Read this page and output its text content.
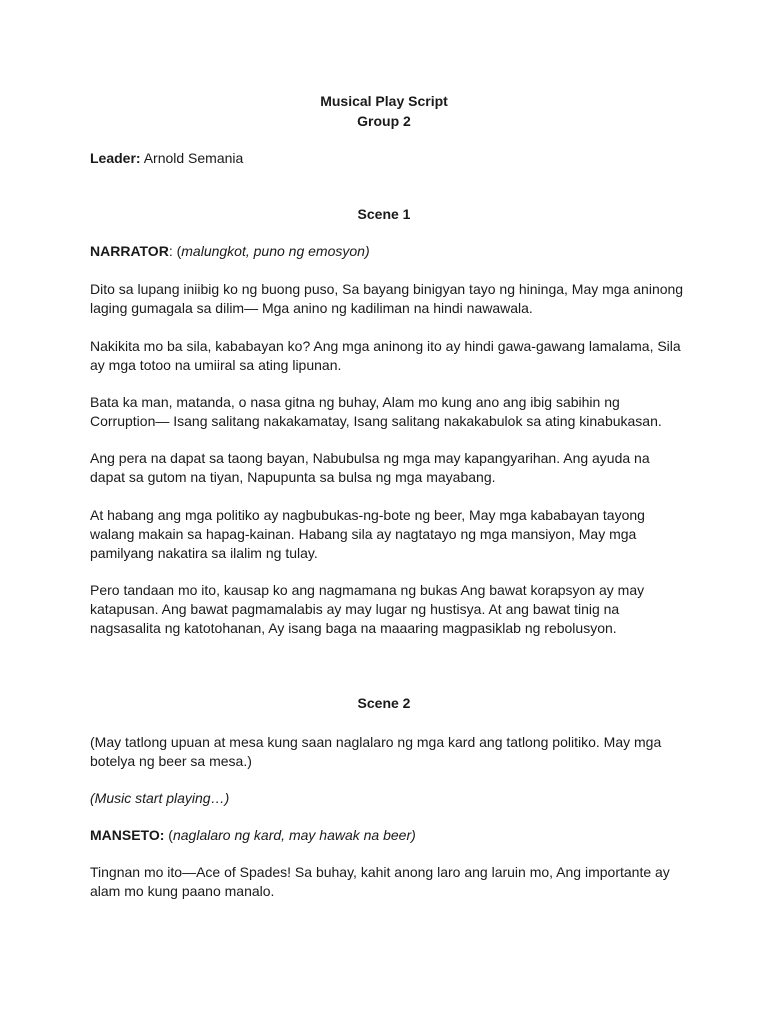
Musical Play Script

Group 2

Leader: Arnold Semania

Scene 1

NARRATOR: (malungkot, puno ng emosyon)

Dito sa lupang iniibig ko ng buong puso, Sa bayang binigyan tayo ng hininga, May mga aninong laging gumagala sa dilim— Mga anino ng kadiliman na hindi nawawala.

Nakikita mo ba sila, kababayan ko? Ang mga aninong ito ay hindi gawa-gawang lamalama, Sila ay mga totoo na umiiral sa ating lipunan.

Bata ka man, matanda, o nasa gitna ng buhay, Alam mo kung ano ang ibig sabihin ng Corruption— Isang salitang nakakamatay, Isang salitang nakakabulok sa ating kinabukasan.

Ang pera na dapat sa taong bayan, Nabubulsa ng mga may kapangyarihan. Ang ayuda na dapat sa gutom na tiyan, Napupunta sa bulsa ng mga mayabang.

At habang ang mga politiko ay nagbubukas-ng-bote ng beer, May mga kababayan tayong walang makain sa hapag-kainan. Habang sila ay nagtatayo ng mga mansiyon, May mga pamilyang nakatira sa ilalim ng tulay.

Pero tandaan mo ito, kausap ko ang nagmamana ng bukas Ang bawat korapsyon ay may katapusan. Ang bawat pagmamalabis ay may lugar ng hustisya. At ang bawat tinig na nagsasalita ng katotohanan, Ay isang baga na maaaring magpasiklab ng rebolusyon.

Scene 2

(May tatlong upuan at mesa kung saan naglalaro ng mga kard ang tatlong politiko. May mga botelya ng beer sa mesa.)

(Music start playing…)

MANSETO: (naglalaro ng kard, may hawak na beer)

Tingnan mo ito—Ace of Spades! Sa buhay, kahit anong laro ang laruin mo, Ang importante ay alam mo kung paano manalo.
